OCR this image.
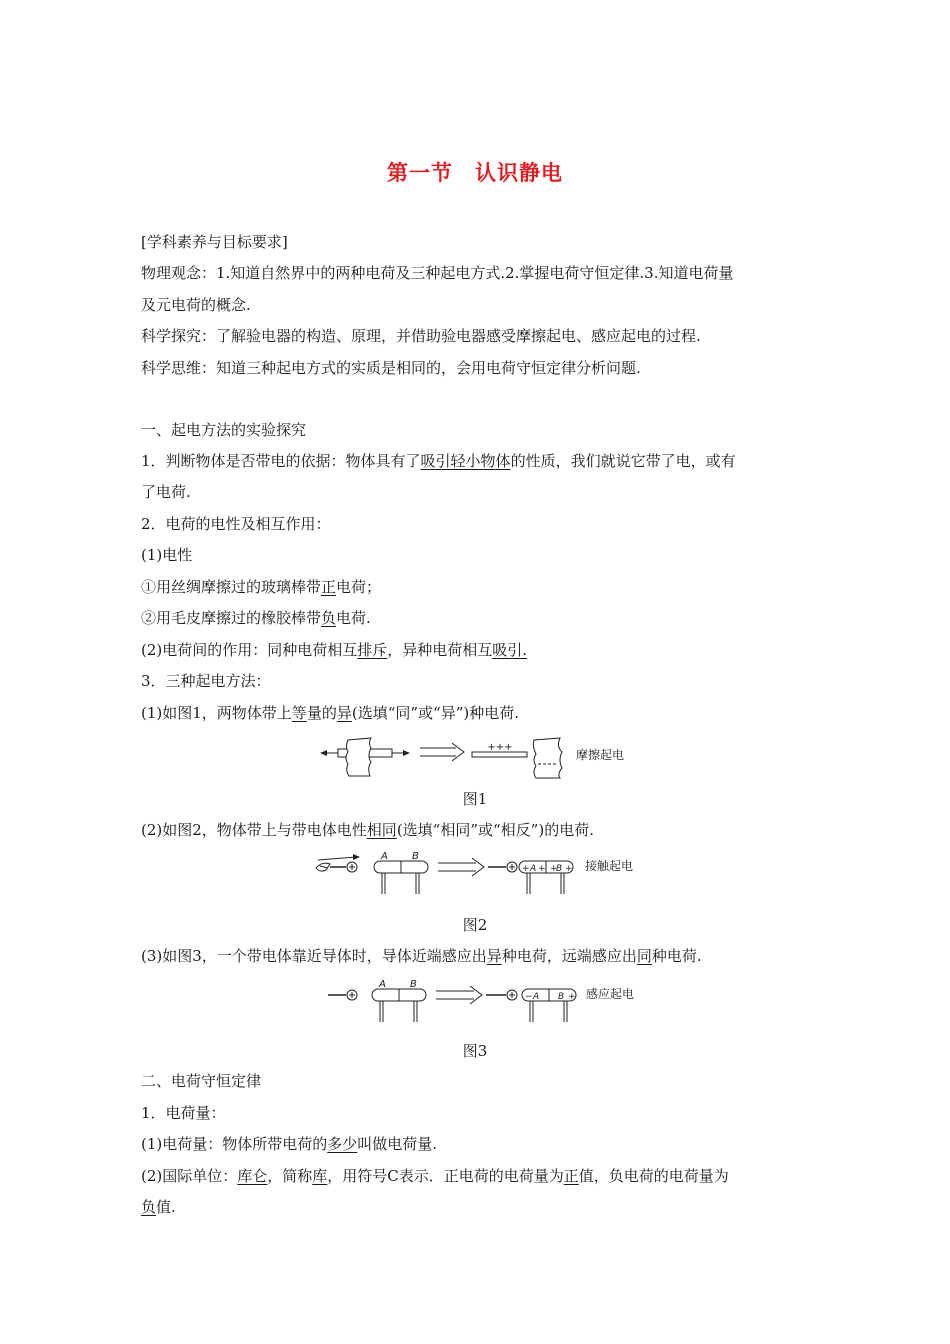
第一节　认识静电
[学科素养与目标要求]
物理观念：1.知道自然界中的两种电荷及三种起电方式.2.掌握电荷守恒定律.3.知道电荷量
及元电荷的概念.
科学探究：了解验电器的构造、原理，并借助验电器感受摩擦起电、感应起电的过程.
科学思维：知道三种起电方式的实质是相同的，会用电荷守恒定律分析问题.
一、起电方法的实验探究
1．判断物体是否带电的依据：物体具有了吸引轻小物体的性质，我们就说它带了电，或有
了电荷.
2．电荷的电性及相互作用：
(1)电性
①用丝绸摩擦过的玻璃棒带正电荷；
②用毛皮摩擦过的橡胶棒带负电荷.
(2)电荷间的作用：同种电荷相互排斥，异种电荷相互吸引.
3．三种起电方法：
(1)如图1，两物体带上等量的异(选填“同”或“异”)种电荷.
+++
摩擦起电
图1
(2)如图2，物体带上与带电体电性相同(选填“相同”或“相反”)的电荷.
A B
+ + + +
A B 接触起电
图2
(3)如图3，一个带电体靠近导体时，导体近端感应出异种电荷，远端感应出同种电荷.
A B
− A B + 感应起电
图3
二、电荷守恒定律
1．电荷量：
(1)电荷量：物体所带电荷的多少叫做电荷量.
(2)国际单位：库仑，简称库，用符号C表示．正电荷的电荷量为正值，负电荷的电荷量为
负值.
